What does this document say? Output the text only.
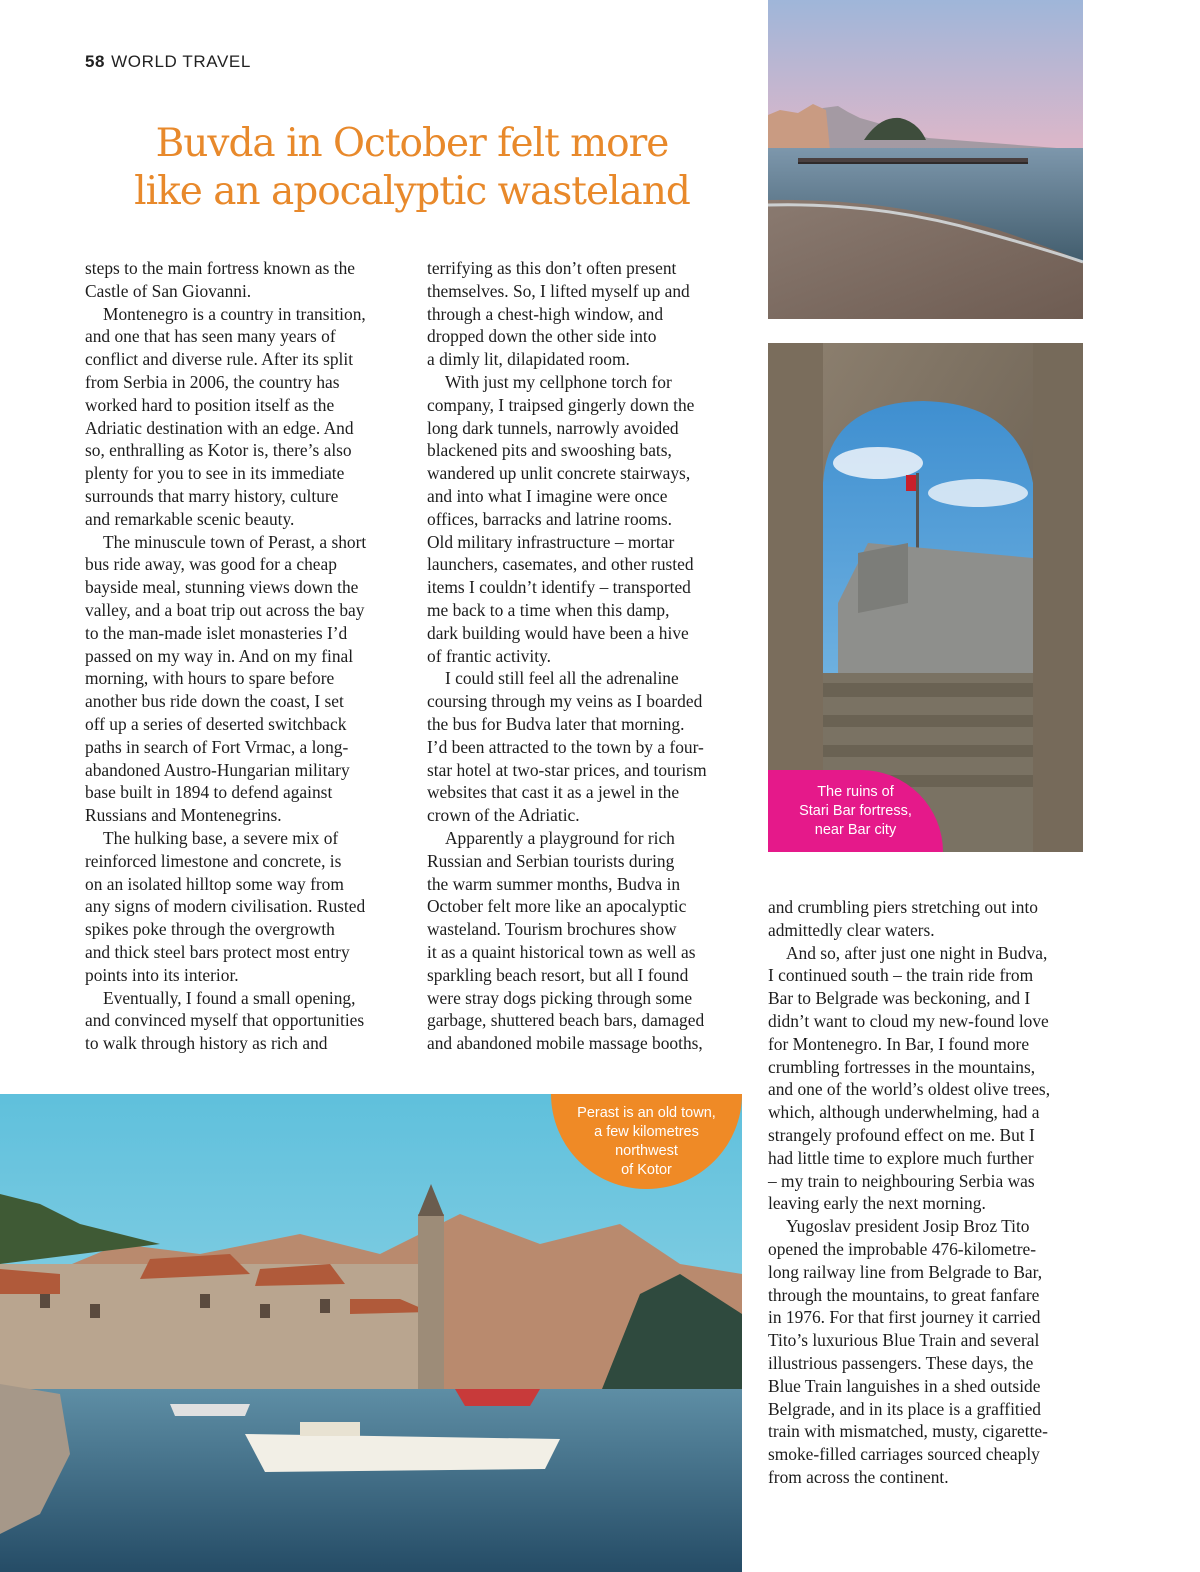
58 WORLD TRAVEL
Buvda in October felt more
like an apocalyptic wasteland

steps to the main fortress known as the

Castle of San Giovanni.

Montenegro is a country in transition,

and one that has seen many years of

conflict and diverse rule. After its split

from Serbia in 2006, the country has

worked hard to position itself as the

Adriatic destination with an edge. And

so, enthralling as Kotor is, there’s also

plenty for you to see in its immediate

surrounds that marry history, culture

and remarkable scenic beauty.

The minuscule town of Perast, a short

bus ride away, was good for a cheap

bayside meal, stunning views down the

valley, and a boat trip out across the bay

to the man-made islet monasteries I’d

passed on my way in. And on my final

morning, with hours to spare before

another bus ride down the coast, I set

off up a series of deserted switchback

paths in search of Fort Vrmac, a long-

abandoned Austro-Hungarian military

base built in 1894 to defend against

Russians and Montenegrins.

The hulking base, a severe mix of

reinforced limestone and concrete, is

on an isolated hilltop some way from

any signs of modern civilisation. Rusted

spikes poke through the overgrowth

and thick steel bars protect most entry

points into its interior.

Eventually, I found a small opening,

and convinced myself that opportunities

to walk through history as rich and

terrifying as this don’t often present

themselves. So, I lifted myself up and

through a chest-high window, and

dropped down the other side into

a dimly lit, dilapidated room.

With just my cellphone torch for

company, I traipsed gingerly down the

long dark tunnels, narrowly avoided

blackened pits and swooshing bats,

wandered up unlit concrete stairways,

and into what I imagine were once

offices, barracks and latrine rooms.

Old military infrastructure – mortar

launchers, casemates, and other rusted

items I couldn’t identify – transported

me back to a time when this damp,

dark building would have been a hive

of frantic activity.

I could still feel all the adrenaline

coursing through my veins as I boarded

the bus for Budva later that morning.

I’d been attracted to the town by a four-

star hotel at two-star prices, and tourism

websites that cast it as a jewel in the

crown of the Adriatic.

Apparently a playground for rich

Russian and Serbian tourists during

the warm summer months, Budva in

October felt more like an apocalyptic

wasteland. Tourism brochures show

it as a quaint historical town as well as

sparkling beach resort, but all I found

were stray dogs picking through some

garbage, shuttered beach bars, damaged

and abandoned mobile massage booths,

and crumbling piers stretching out into

admittedly clear waters.

And so, after just one night in Budva,

I continued south – the train ride from

Bar to Belgrade was beckoning, and I

didn’t want to cloud my new-found love

for Montenegro. In Bar, I found more

crumbling fortresses in the mountains,

and one of the world’s oldest olive trees,

which, although underwhelming, had a

strangely profound effect on me. But I

had little time to explore much further

– my train to neighbouring Serbia was

leaving early the next morning.

Yugoslav president Josip Broz Tito

opened the improbable 476-kilometre-

long railway line from Belgrade to Bar,

through the mountains, to great fanfare

in 1976. For that first journey it carried

Tito’s luxurious Blue Train and several

illustrious passengers. These days, the

Blue Train languishes in a shed outside

Belgrade, and in its place is a graffitied

train with mismatched, musty, cigarette-

smoke-filled carriages sourced cheaply

from across the continent.

The ruins of
Stari Bar fortress,
near Bar city
Perast is an old town,
a few kilometres
northwest
of Kotor
